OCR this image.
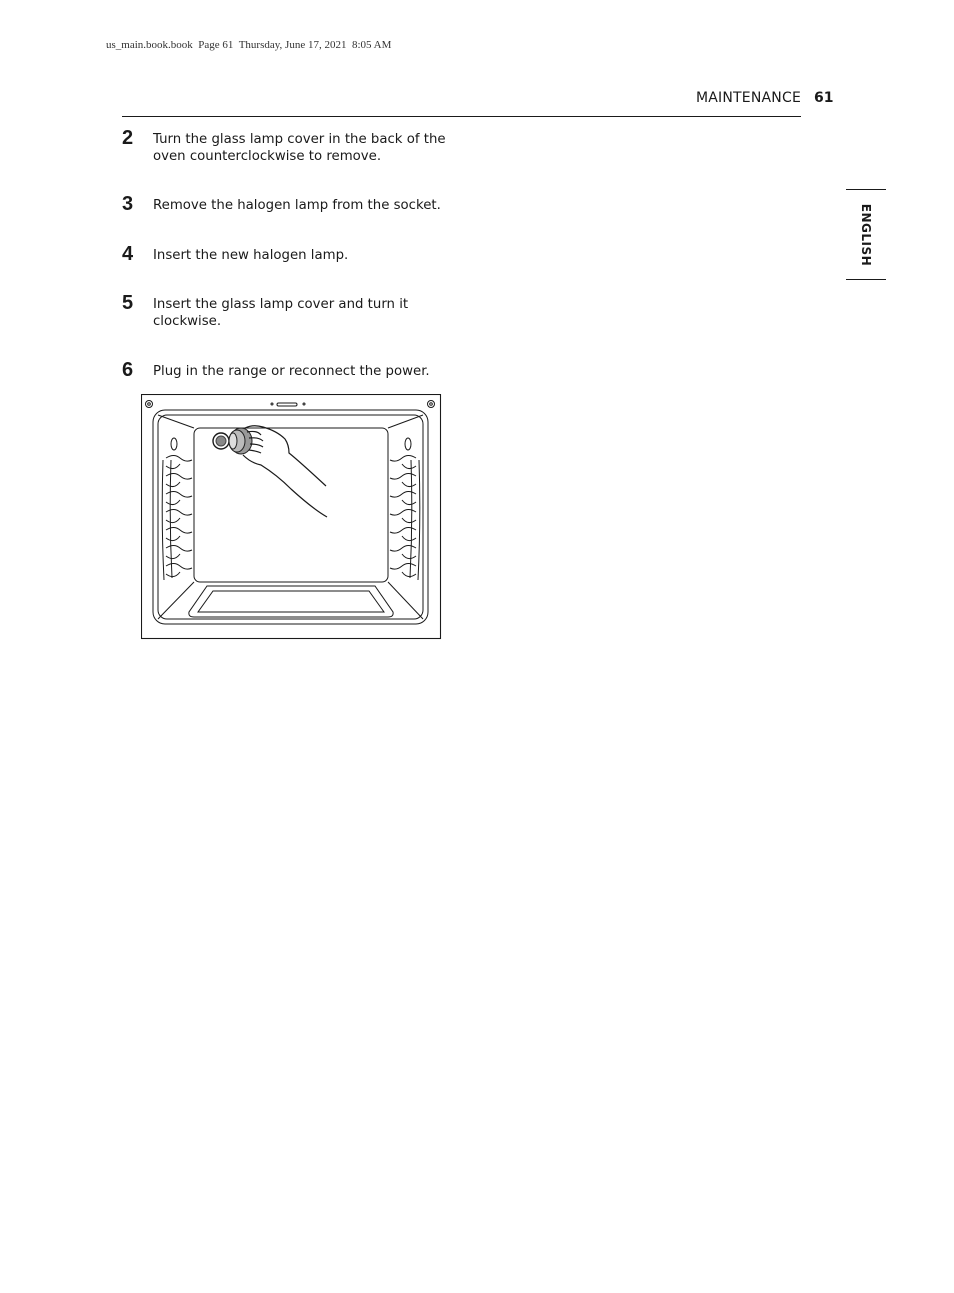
us_main.book.book  Page 61  Thursday, June 17, 2021  8:05 AM
MAINTENANCE 61
ENGLISH
2 Turn the glass lamp cover in the back of the oven counterclockwise to remove.
3 Remove the halogen lamp from the socket.
4 Insert the new halogen lamp.
5 Insert the glass lamp cover and turn it clockwise.
6 Plug in the range or reconnect the power.
